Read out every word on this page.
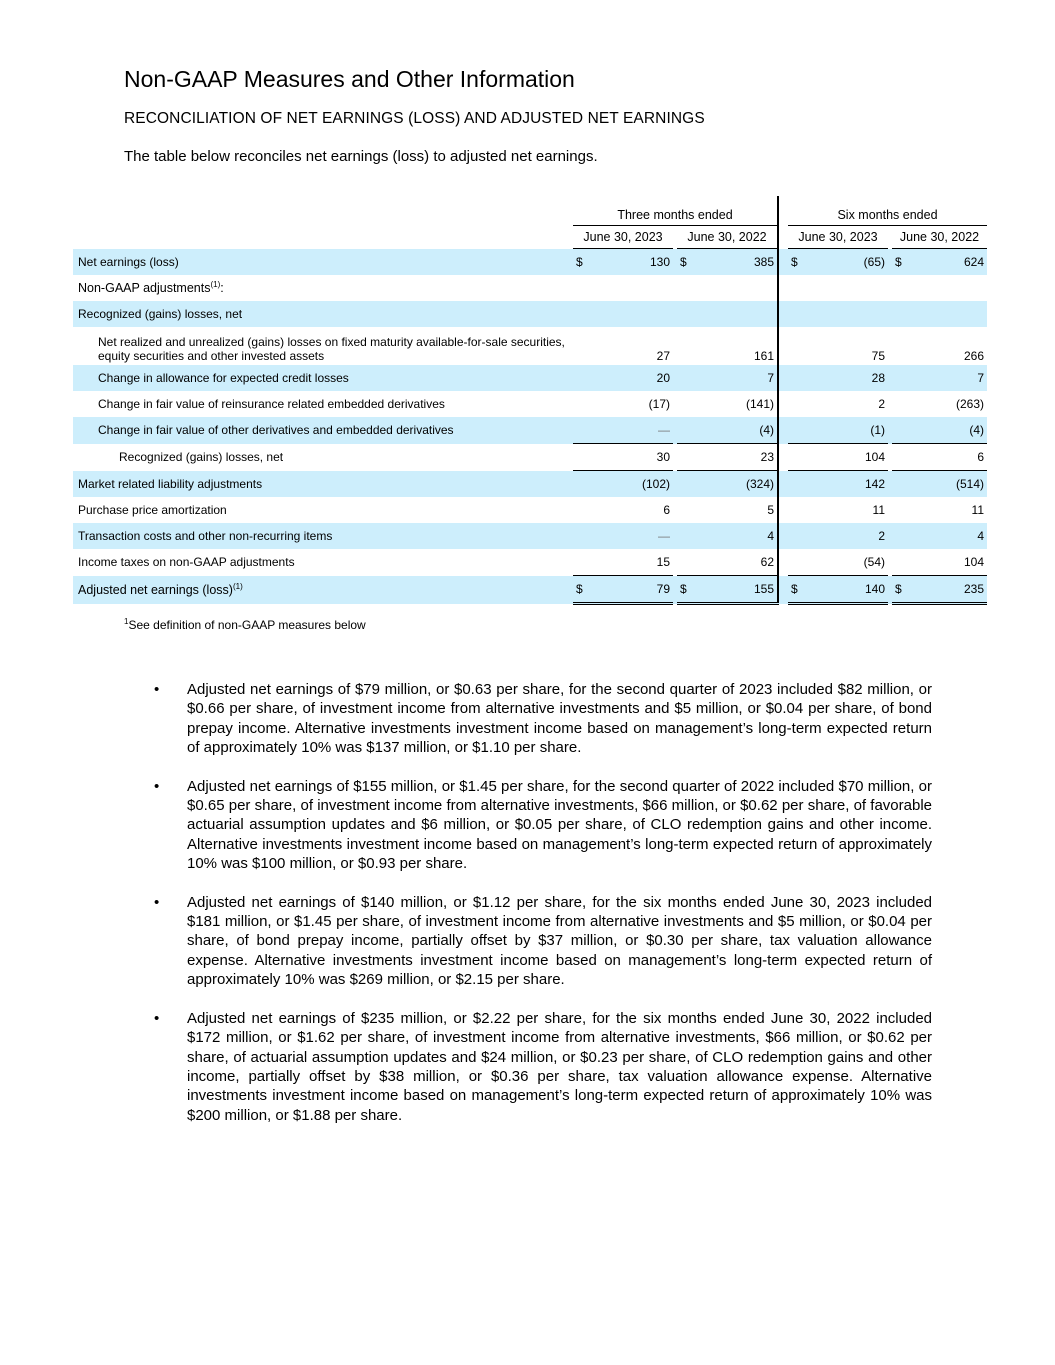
Non-GAAP Measures and Other Information
RECONCILIATION OF NET EARNINGS (LOSS) AND ADJUSTED NET EARNINGS
The table below reconciles net earnings (loss) to adjusted net earnings.
	Three months ended						Six months ended				
	June 30, 2023			June 30, 2022			June 30, 2023			June 30, 2022	
Net earnings (loss)	$	130		$	385		$	(65)		$	624
Non-GAAP adjustments$^{(1)}$:											
Recognized (gains) losses, net											
Net realized and unrealized (gains) losses on fixed maturity available-for-sale securities, equity securities and other invested assets		27			161			75			266
Change in allowance for expected credit losses		20			7			28			7
Change in fair value of reinsurance related embedded derivatives		(17)			(141)			2			(263)
Change in fair value of other derivatives and embedded derivatives		—			(4)			(1)			(4)
Recognized (gains) losses, net		30			23			104			6
Market related liability adjustments		(102)			(324)			142			(514)
Purchase price amortization		6			5			11			11
Transaction costs and other non-recurring items		—			4			2			4
Income taxes on non-GAAP adjustments		15			62			(54)			104
Adjusted net earnings (loss)$^{(1)}$	$	79		$	155		$	140		$	235
$^1$See definition of non-GAAP measures below
• Adjusted net earnings of $79 million, or $0.63 per share, for the second quarter of 2023 included $82 million, or $0.66 per share, of investment income from alternative investments and $5 million, or $0.04 per share, of bond prepay income. Alternative investments investment income based on management’s long-term expected return of approximately 10% was $137 million, or $1.10 per share.
• Adjusted net earnings of $155 million, or $1.45 per share, for the second quarter of 2022 included $70 million, or $0.65 per share, of investment income from alternative investments, $66 million, or $0.62 per share, of favorable actuarial assumption updates and $6 million, or $0.05 per share, of CLO redemption gains and other income. Alternative investments investment income based on management’s long-term expected return of approximately 10% was $100 million, or $0.93 per share.
• Adjusted net earnings of $140 million, or $1.12 per share, for the six months ended June 30, 2023 included $181 million, or $1.45 per share, of investment income from alternative investments and $5 million, or $0.04 per share, of bond prepay income, partially offset by $37 million, or $0.30 per share, tax valuation allowance expense. Alternative investments investment income based on management’s long-term expected return of approximately 10% was $269 million, or $2.15 per share.
• Adjusted net earnings of $235 million, or $2.22 per share, for the six months ended June 30, 2022 included $172 million, or $1.62 per share, of investment income from alternative investments, $66 million, or $0.62 per share, of actuarial assumption updates and $24 million, or $0.23 per share, of CLO redemption gains and other income, partially offset by $38 million, or $0.36 per share, tax valuation allowance expense. Alternative investments investment income based on management’s long-term expected return of approximately 10% was $200 million, or $1.88 per share.
